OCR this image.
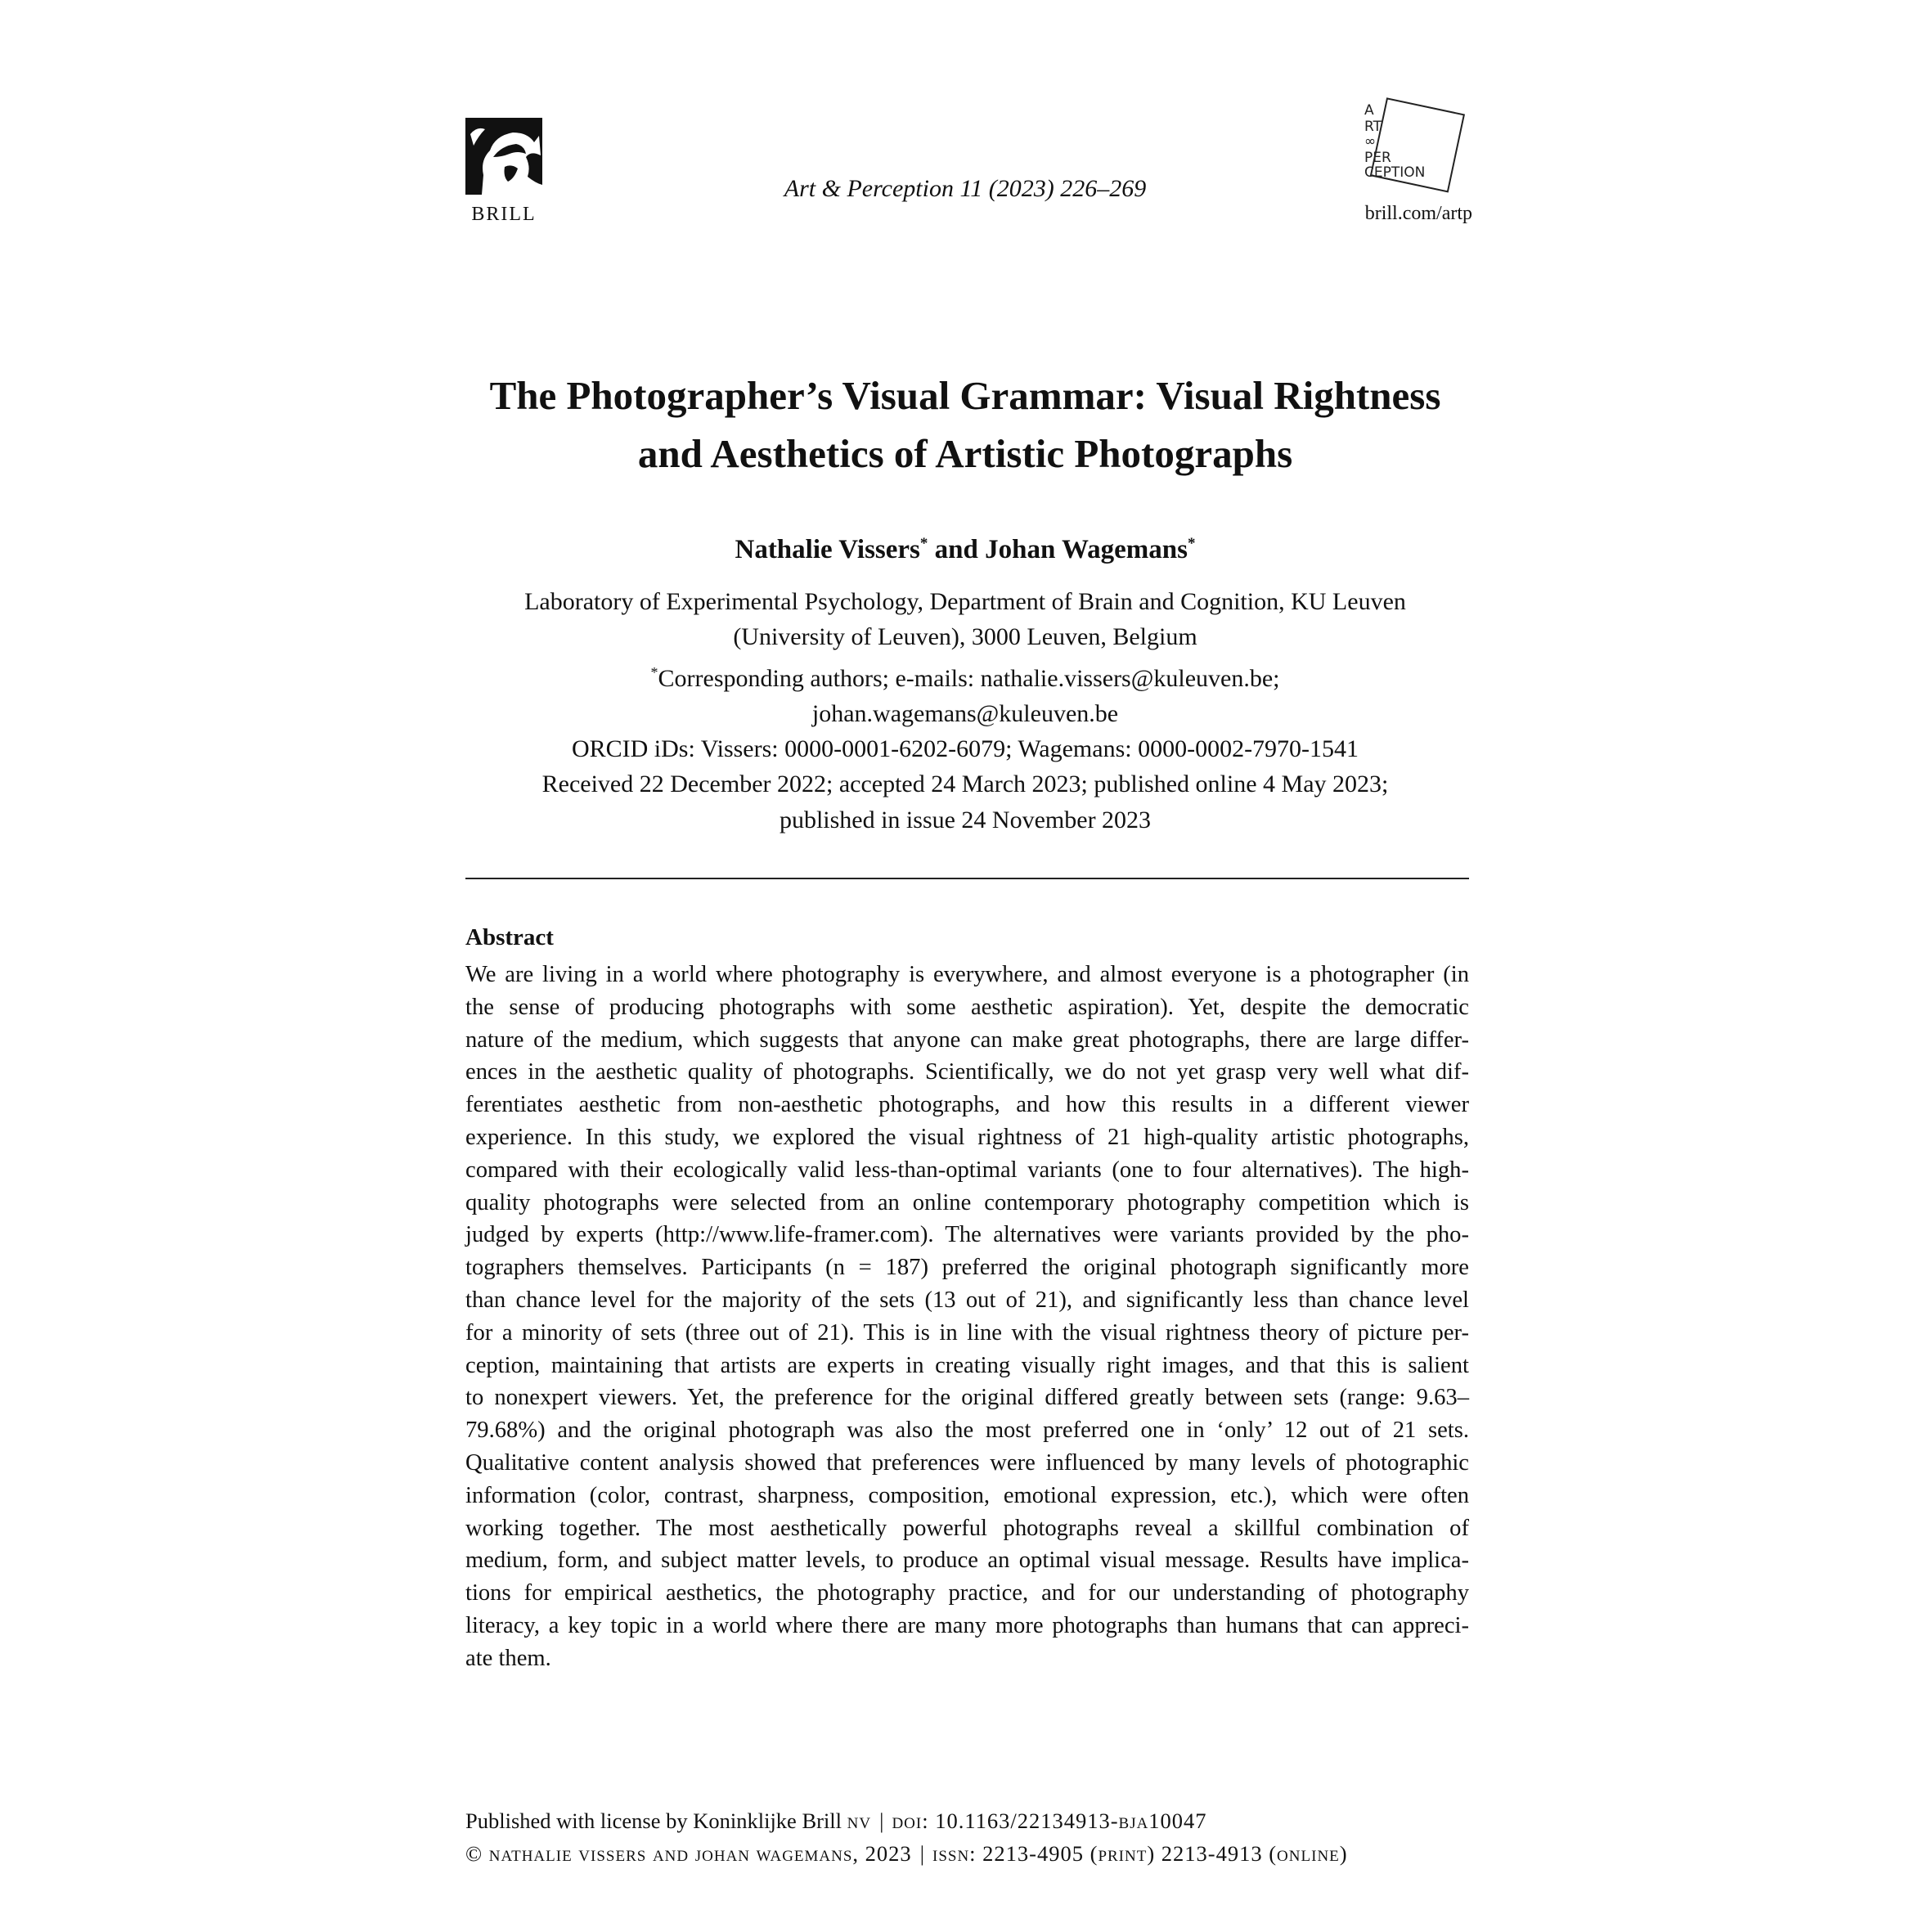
BRILL
Art & Perception 11 (2023) 226–269
A
RT
∞
PER
CEPTION
brill.com/artp
The Photographer’s Visual Grammar: Visual Rightness
and Aesthetics of Artistic Photographs
Nathalie Vissers* and Johan Wagemans*
Laboratory of Experimental Psychology, Department of Brain and Cognition, KU Leuven
(University of Leuven), 3000 Leuven, Belgium
*Corresponding authors; e-mails: nathalie.vissers@kuleuven.be;
johan.wagemans@kuleuven.be
ORCID iDs: Vissers: 0000-0001-6202-6079; Wagemans: 0000-0002-7970-1541
Received 22 December 2022; accepted 24 March 2023; published online 4 May 2023;
published in issue 24 November 2023
Abstract
We are living in a world where photography is everywhere, and almost everyone is a photographer (in
the sense of producing photographs with some aesthetic aspiration). Yet, despite the democratic
nature of the medium, which suggests that anyone can make great photographs, there are large differ-
ences in the aesthetic quality of photographs. Scientifically, we do not yet grasp very well what dif-
ferentiates aesthetic from non-aesthetic photographs, and how this results in a different viewer
experience. In this study, we explored the visual rightness of 21 high-quality artistic photographs,
compared with their ecologically valid less-than-optimal variants (one to four alternatives). The high-
quality photographs were selected from an online contemporary photography competition which is
judged by experts (http://www.life-framer.com). The alternatives were variants provided by the pho-
tographers themselves. Participants (n = 187) preferred the original photograph significantly more
than chance level for the majority of the sets (13 out of 21), and significantly less than chance level
for a minority of sets (three out of 21). This is in line with the visual rightness theory of picture per-
ception, maintaining that artists are experts in creating visually right images, and that this is salient
to nonexpert viewers. Yet, the preference for the original differed greatly between sets (range: 9.63–
79.68%) and the original photograph was also the most preferred one in ‘only’ 12 out of 21 sets.
Qualitative content analysis showed that preferences were influenced by many levels of photographic
information (color, contrast, sharpness, composition, emotional expression, etc.), which were often
working together. The most aesthetically powerful photographs reveal a skillful combination of
medium, form, and subject matter levels, to produce an optimal visual message. Results have implica-
tions for empirical aesthetics, the photography practice, and for our understanding of photography
literacy, a key topic in a world where there are many more photographs than humans that can appreci-
ate them.
Published with license by Koninklijke Brill nv | doi: 10.1163/22134913-bja10047
© nathalie vissers and johan wagemans, 2023 | issn: 2213-4905 (print) 2213-4913 (online)
